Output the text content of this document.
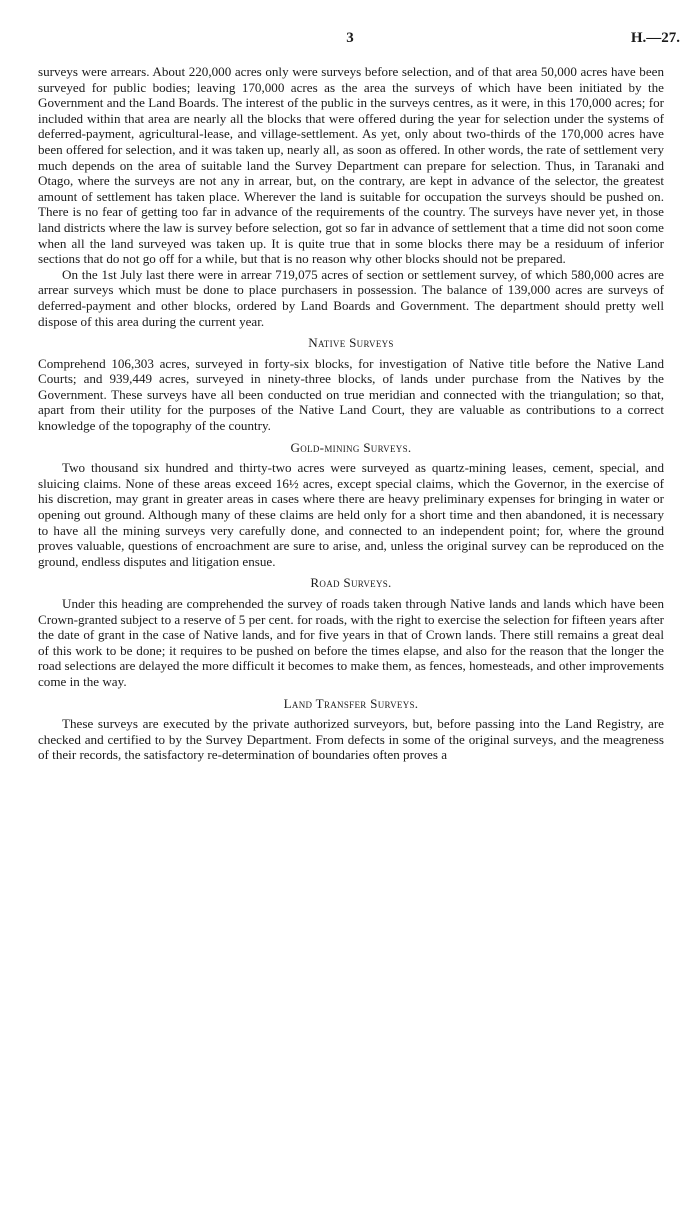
3	H.—27.

surveys were arrears. About 220,000 acres only were surveys before selection, and of that area 50,000 acres have been surveyed for public bodies; leaving 170,000 acres as the area the surveys of which have been initiated by the Government and the Land Boards. The interest of the public in the surveys centres, as it were, in this 170,000 acres; for included within that area are nearly all the blocks that were offered during the year for selection under the systems of deferred-payment, agricultural-lease, and village-settlement. As yet, only about two-thirds of the 170,000 acres have been offered for selection, and it was taken up, nearly all, as soon as offered. In other words, the rate of settlement very much depends on the area of suitable land the Survey Department can prepare for selection. Thus, in Taranaki and Otago, where the surveys are not any in arrear, but, on the contrary, are kept in advance of the selector, the greatest amount of settlement has taken place. Wherever the land is suitable for occupation the surveys should be pushed on. There is no fear of getting too far in advance of the requirements of the country. The surveys have never yet, in those land districts where the law is survey before selection, got so far in advance of settlement that a time did not soon come when all the land surveyed was taken up. It is quite true that in some blocks there may be a residuum of inferior sections that do not go off for a while, but that is no reason why other blocks should not be prepared.

On the 1st July last there were in arrear 719,075 acres of section or settlement survey, of which 580,000 acres are arrear surveys which must be done to place purchasers in possession. The balance of 139,000 acres are surveys of deferred-payment and other blocks, ordered by Land Boards and Government. The department should pretty well dispose of this area during the current year.

Native Surveys

Comprehend 106,303 acres, surveyed in forty-six blocks, for investigation of Native title before the Native Land Courts; and 939,449 acres, surveyed in ninety-three blocks, of lands under purchase from the Natives by the Government. These surveys have all been conducted on true meridian and connected with the triangulation; so that, apart from their utility for the purposes of the Native Land Court, they are valuable as contributions to a correct knowledge of the topography of the country.

Gold-mining Surveys.

Two thousand six hundred and thirty-two acres were surveyed as quartz-mining leases, cement, special, and sluicing claims. None of these areas exceed 16½ acres, except special claims, which the Governor, in the exercise of his discretion, may grant in greater areas in cases where there are heavy preliminary expenses for bringing in water or opening out ground. Although many of these claims are held only for a short time and then abandoned, it is necessary to have all the mining surveys very carefully done, and connected to an independent point; for, where the ground proves valuable, questions of encroachment are sure to arise, and, unless the original survey can be reproduced on the ground, endless disputes and litigation ensue.

Road Surveys.

Under this heading are comprehended the survey of roads taken through Native lands and lands which have been Crown-granted subject to a reserve of 5 per cent. for roads, with the right to exercise the selection for fifteen years after the date of grant in the case of Native lands, and for five years in that of Crown lands. There still remains a great deal of this work to be done; it requires to be pushed on before the times elapse, and also for the reason that the longer the road selections are delayed the more difficult it becomes to make them, as fences, homesteads, and other improvements come in the way.

Land Transfer Surveys.

These surveys are executed by the private authorized surveyors, but, before passing into the Land Registry, are checked and certified to by the Survey Department. From defects in some of the original surveys, and the meagreness of their records, the satisfactory re-determination of boundaries often proves a
